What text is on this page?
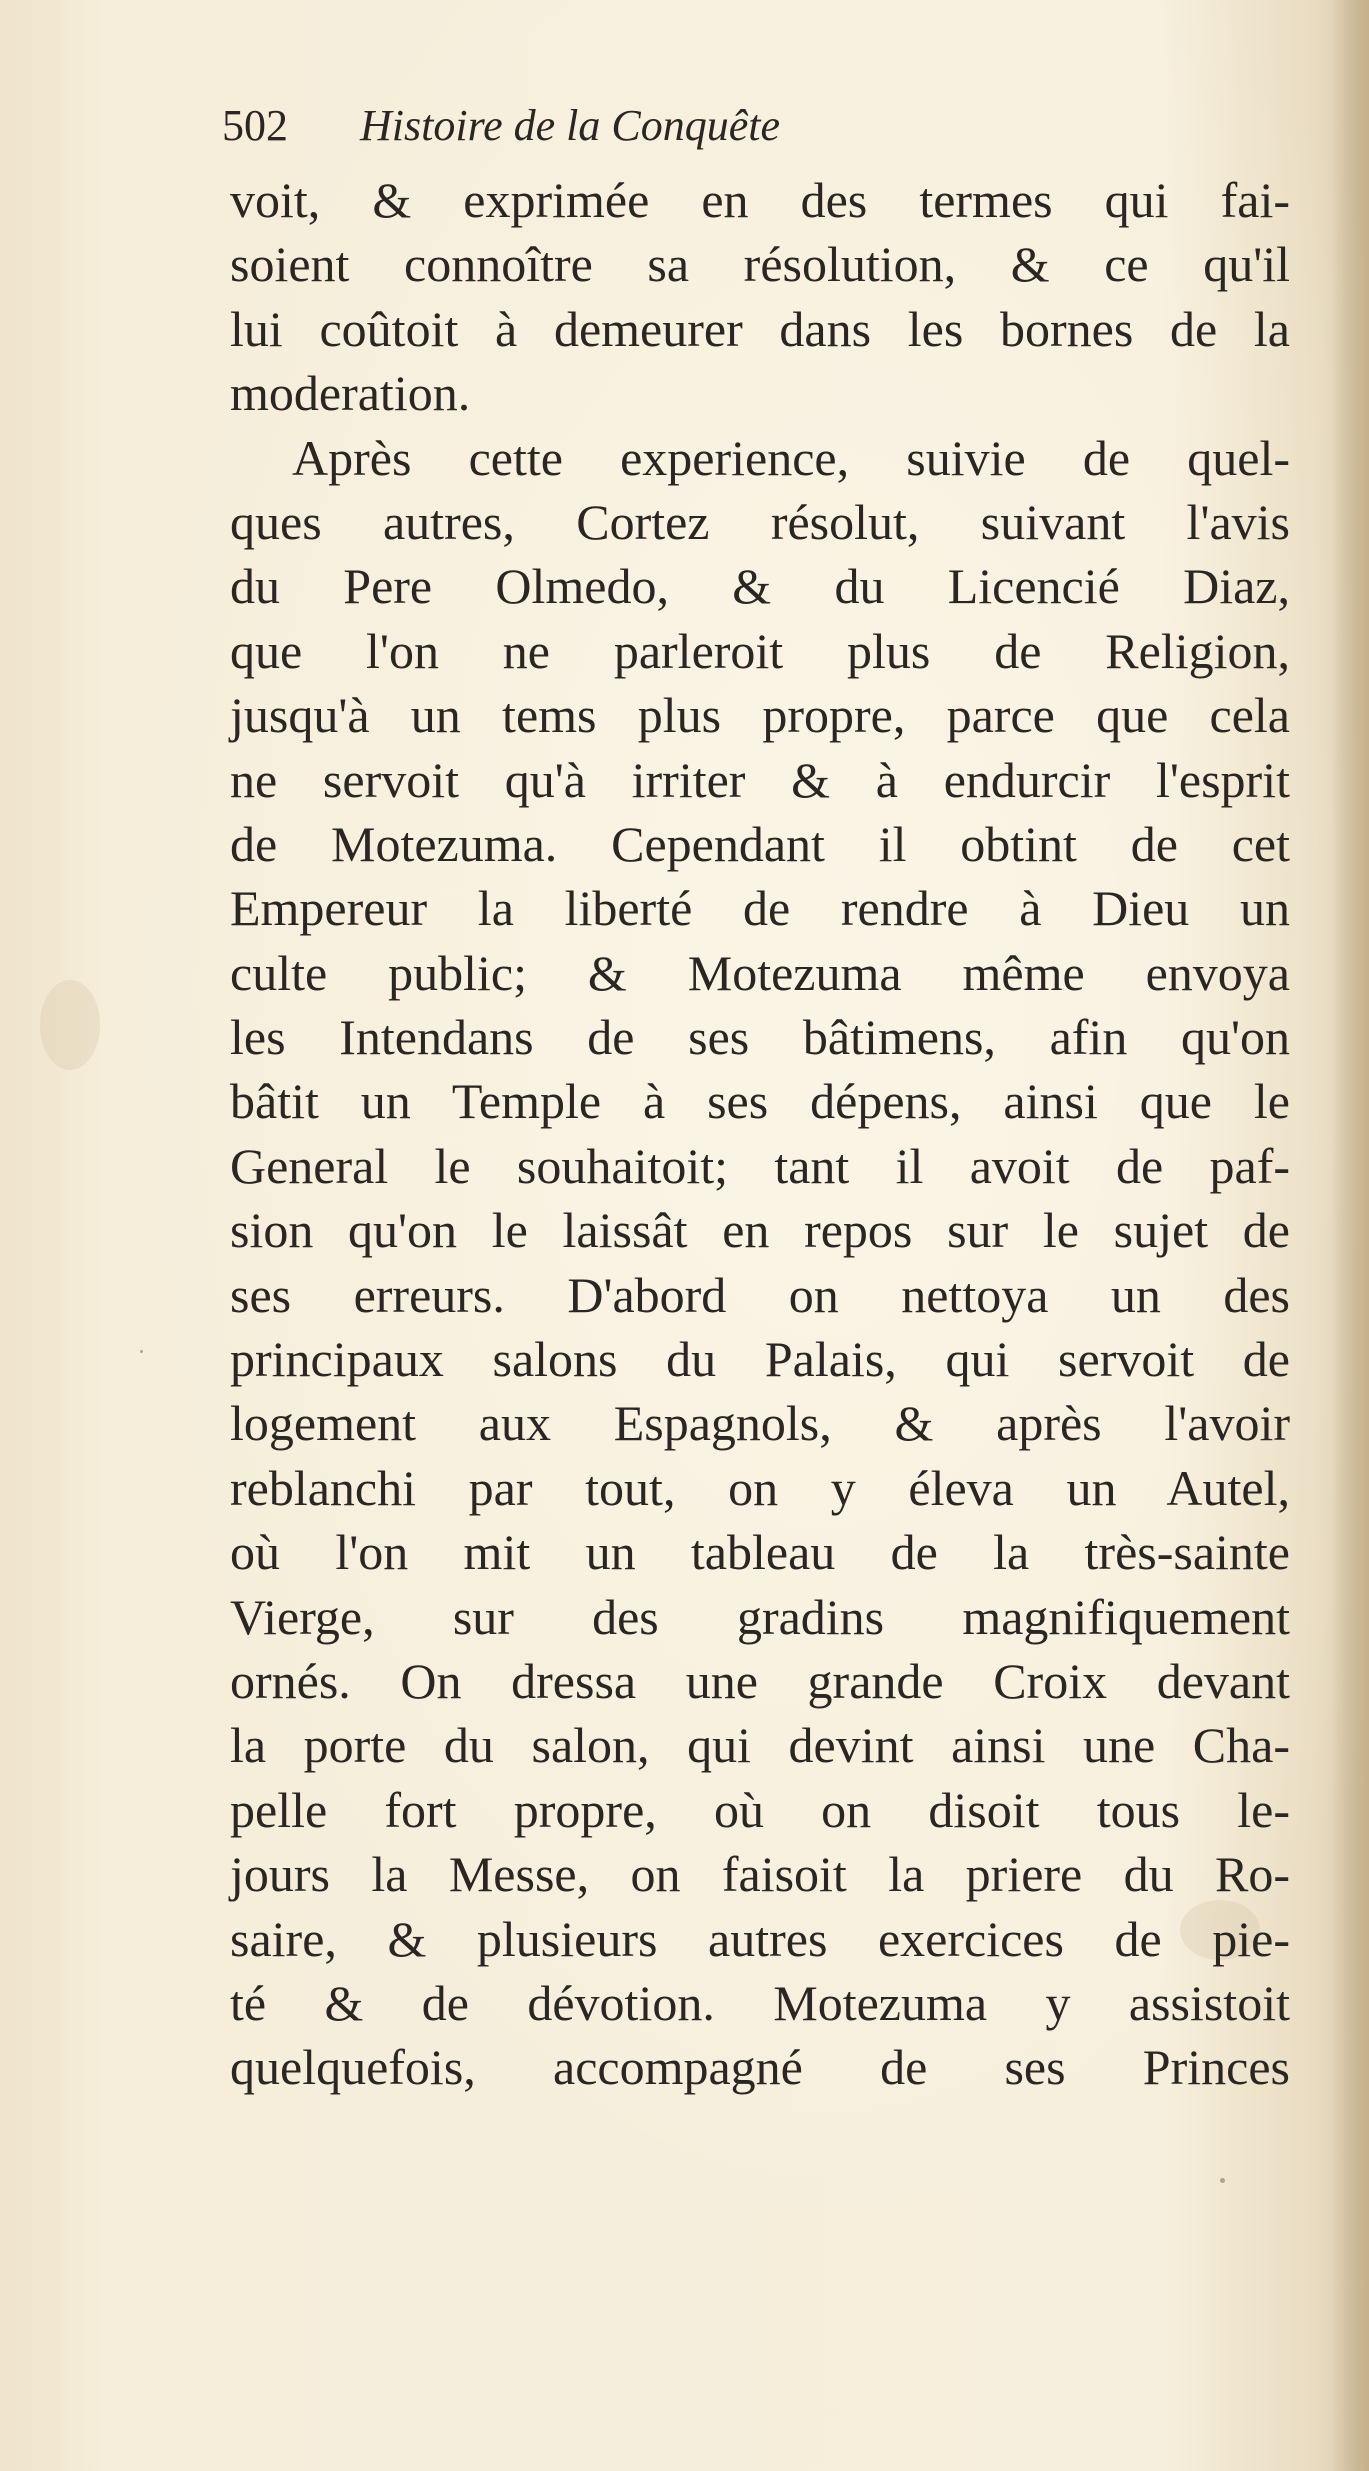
502	Histoire de la Conquête
voit, & exprimée en des termes qui fai-
soient connoître sa résolution, & ce qu'il
lui coûtoit à demeurer dans les bornes de la
moderation.
Après cette experience, suivie de quel-
ques autres, Cortez résolut, suivant l'avis
du Pere Olmedo, & du Licencié Diaz,
que l'on ne parleroit plus de Religion,
jusqu'à un tems plus propre, parce que cela
ne servoit qu'à irriter & à endurcir l'esprit
de Motezuma. Cependant il obtint de cet
Empereur la liberté de rendre à Dieu un
culte public; & Motezuma même envoya
les Intendans de ses bâtimens, afin qu'on
bâtit un Temple à ses dépens, ainsi que le
General le souhaitoit; tant il avoit de paf-
sion qu'on le laissât en repos sur le sujet de
ses erreurs. D'abord on nettoya un des
principaux salons du Palais, qui servoit de
logement aux Espagnols, & après l'avoir
reblanchi par tout, on y éleva un Autel,
où l'on mit un tableau de la très-sainte
Vierge, sur des gradins magnifiquement
ornés. On dressa une grande Croix devant
la porte du salon, qui devint ainsi une Cha-
pelle fort propre, où on disoit tous le-
jours la Messe, on faisoit la priere du Ro-
saire, & plusieurs autres exercices de pie-
té & de dévotion. Motezuma y assistoit
quelquefois, accompagné de ses Princes
